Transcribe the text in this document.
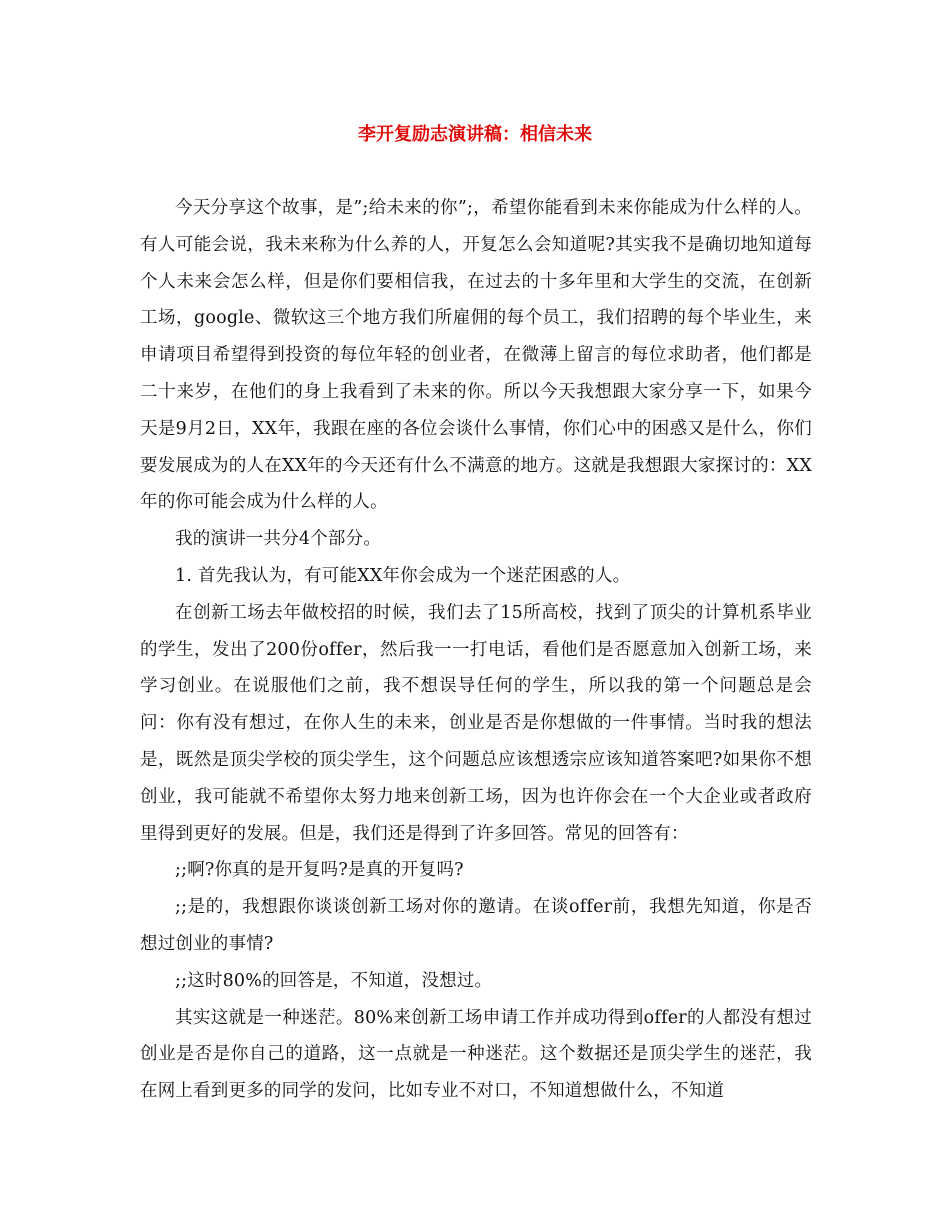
李开复励志演讲稿：相信未来

今天分享这个故事，是”;给未来的你”;，希望你能看到未来你能成为什么样的人。有人可能会说，我未来称为什么养的人，开复怎么会知道呢?其实我不是确切地知道每个人未来会怎么样，但是你们要相信我，在过去的十多年里和大学生的交流，在创新工场，google、微软这三个地方我们所雇佣的每个员工，我们招聘的每个毕业生，来申请项目希望得到投资的每位年轻的创业者，在微薄上留言的每位求助者，他们都是二十来岁，在他们的身上我看到了未来的你。所以今天我想跟大家分享一下，如果今天是9月2日，XX年，我跟在座的各位会谈什么事情，你们心中的困惑又是什么，你们要发展成为的人在XX年的今天还有什么不满意的地方。这就是我想跟大家探讨的：XX年的你可能会成为什么样的人。

我的演讲一共分4个部分。

1. 首先我认为，有可能XX年你会成为一个迷茫困惑的人。

在创新工场去年做校招的时候，我们去了15所高校，找到了顶尖的计算机系毕业的学生，发出了200份offer，然后我一一打电话，看他们是否愿意加入创新工场，来学习创业。在说服他们之前，我不想误导任何的学生，所以我的第一个问题总是会问：你有没有想过，在你人生的未来，创业是否是你想做的一件事情。当时我的想法是，既然是顶尖学校的顶尖学生，这个问题总应该想透宗应该知道答案吧?如果你不想创业，我可能就不希望你太努力地来创新工场，因为也许你会在一个大企业或者政府里得到更好的发展。但是，我们还是得到了许多回答。常见的回答有：

;;啊?你真的是开复吗?是真的开复吗?

;;是的，我想跟你谈谈创新工场对你的邀请。在谈offer前，我想先知道，你是否想过创业的事情?

;;这时80%的回答是，不知道，没想过。

其实这就是一种迷茫。80%来创新工场申请工作并成功得到offer的人都没有想过创业是否是你自己的道路，这一点就是一种迷茫。这个数据还是顶尖学生的迷茫，我在网上看到更多的同学的发问，比如专业不对口，不知道想做什么，不知道
